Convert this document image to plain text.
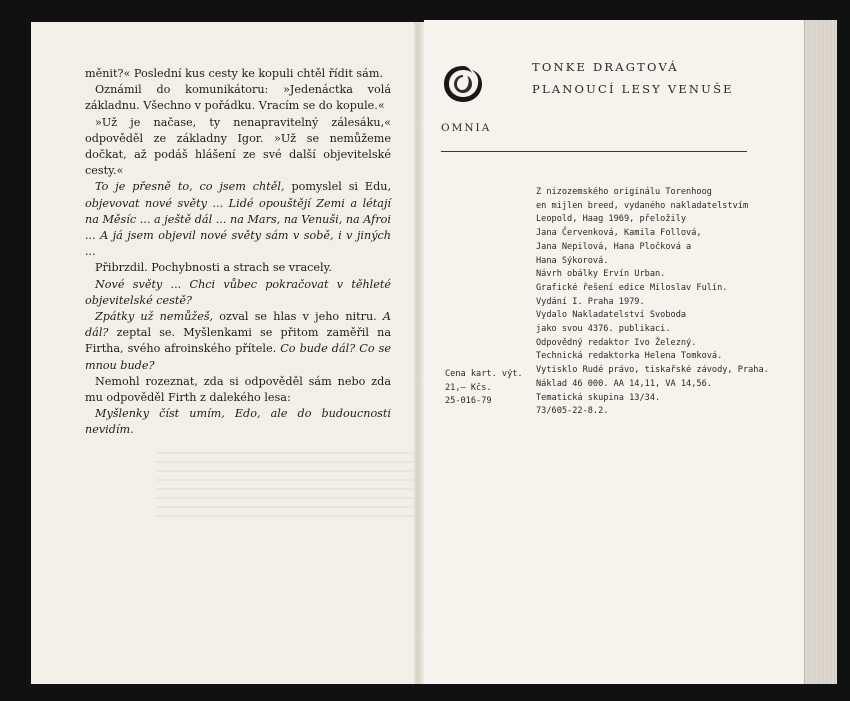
měnit?« Poslední kus cesty ke kopuli chtěl řídit sám.

Oznámil do komunikátoru: »Jedenáctka volá základnu. Všechno v pořádku. Vracím se do kopule.«

»Už je načase, ty nenapravitelný zálesáku,« odpověděl ze základny Igor. »Už se nemůžeme dočkat, až podáš hlášení ze své další objevitelské cesty.«

To je přesně to, co jsem chtěl, pomyslel si Edu, objevovat nové světy ... Lidé opouštějí Zemi a létají na Měsíc ... a ještě dál ... na Mars, na Venuši, na Afroi ... A já jsem objevil nové světy sám v sobě, i v jiných ...

Přibrzdil. Pochybnosti a strach se vracely.

Nové světy ... Chci vůbec pokračovat v těhleté objevitelské cestě?

Zpátky už nemůžeš, ozval se hlas v jeho nitru. A dál? zeptal se. Myšlenkami se přitom zaměřil na Firtha, svého afroinského přítele. Co bude dál? Co se mnou bude?

Nemohl rozeznat, zda si odpověděl sám nebo zda mu odpověděl Firth z dalekého lesa:

Myšlenky číst umím, Edo, ale do budoucnosti nevidím.

TONKE DRAGTOVÁ
PLANOUCÍ LESY VENUŠE
OMNIA
Z nizozemského originálu Torenhoog
en mijlen breed, vydaného nakladatelstvím
Leopold, Haag 1969, přeložily
Jana Červenková, Kamila Follová,
Jana Nepilová, Hana Pločková a
Hana Sýkorová.
Návrh obálky Ervín Urban.
Grafické řešení edice Miloslav Fulín.
Vydání I. Praha 1979.
Vydalo Nakladatelství Svoboda
jako svou 4376. publikaci.
Odpovědný redaktor Ivo Železný.
Technická redaktorka Helena Tomková.
Vytisklo Rudé právo, tiskařské závody, Praha.
Náklad 46 000. AA 14,11, VA 14,56.
Tematická skupina 13/34.
73/605-22-8.2.
Cena kart. výt.
21,— Kčs.
25-016-79
